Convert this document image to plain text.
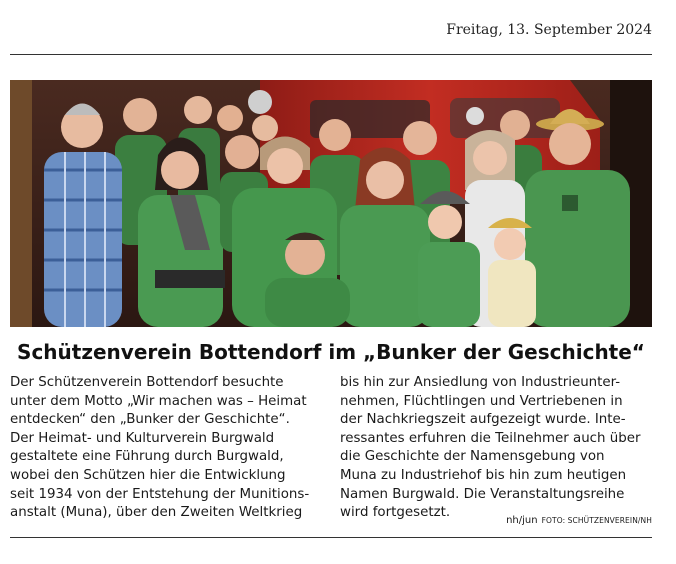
Freitag, 13. September 2024
Schützenverein Bottendorf im „Bunker der Geschichte“
Der Schützenverein Bottendorf besuchte
unter dem Motto „Wir machen was – Heimat
entdecken“ den „Bunker der Geschichte“.
Der Heimat- und Kulturverein Burgwald
gestaltete eine Führung durch Burgwald,
wobei den Schützen hier die Entwicklung
seit 1934 von der Entstehung der Munitions-
anstalt (Muna), über den Zweiten Weltkrieg
bis hin zur Ansiedlung von Industrieunter-
nehmen, Flüchtlingen und Vertriebenen in
der Nachkriegszeit aufgezeigt wurde. Inte-
ressantes erfuhren die Teilnehmer auch über
die Geschichte der Namensgebung von
Muna zu Industriehof bis hin zum heutigen
Namen Burgwald. Die Veranstaltungsreihe
wird fortgesetzt.
nh/jun FOTO: SCHÜTZENVEREIN/NH
